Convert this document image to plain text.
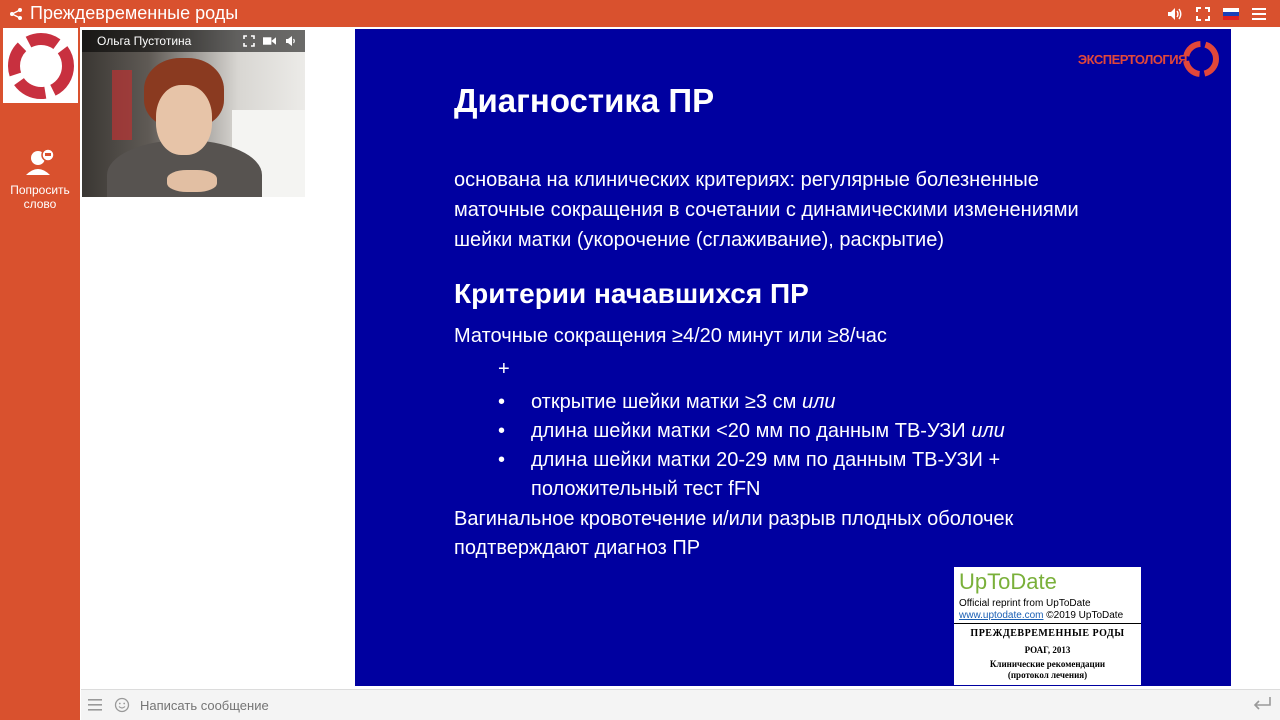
Преждевременные роды
Попросить
слово
Ольга Пустотина
ЭКСПЕРТОЛОГИЯ
Диагностика ПР
основана на клинических критериях: регулярные болезненные
маточные сокращения в сочетании с динамическими изменениями
шейки матки (укорочение (сглаживание), раскрытие)
Критерии начавшихся ПР
Маточные сокращения ≥4/20 минут или ≥8/час
+
• открытие шейки матки ≥3 см или
• длина шейки матки <20 мм по данным ТВ-УЗИ или
• длина шейки матки 20-29 мм по данным ТВ-УЗИ +
положительный тест fFN
Вагинальное кровотечение и/или разрыв плодных оболочек
подтверждают диагноз ПР
UpToDate
Official reprint from UpToDate
www.uptodate.com ©2019 UpToDate
ПРЕЖДЕВРЕМЕННЫЕ РОДЫ
РОАГ, 2013
Клинические рекомендации
(протокол лечения)
Написать сообщение
